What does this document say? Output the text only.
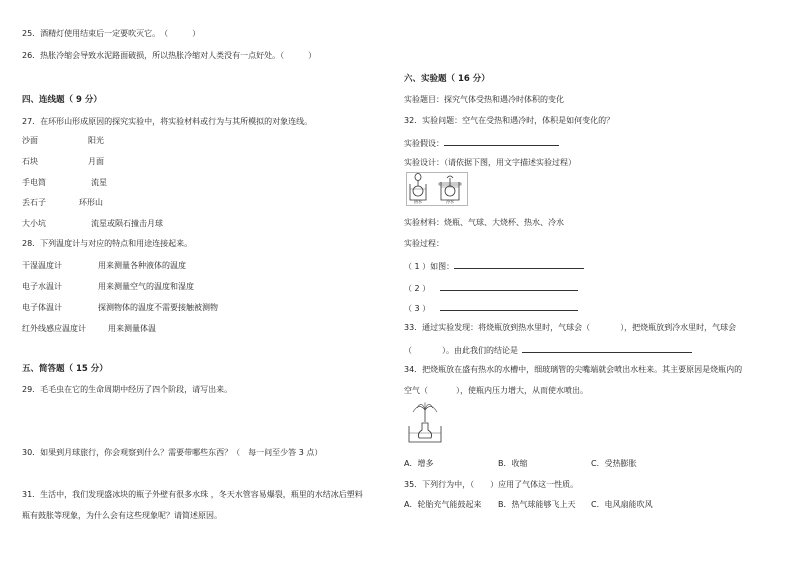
25．酒精灯使用结束后一定要吹灭它。　（　　　）
26．热胀冷缩会导致水泥路面破损，所以热胀冷缩对人类没有一点好处。（　　　）
四、连线题（ 9 分）
27．在环形山形成原因的探究实验中，将实验材料或行为与其所模拟的对象连线。
沙面	阳光
石块	月面
手电筒	流星
丢石子	环形山
大小坑	流星或陨石撞击月球
28．下列温度计与对应的特点和用途连接起来。
干湿温度计	用来测量各种液体的温度
电子水温计	用来测量空气的温度和湿度
电子体温计	探测物体的温度不需要接触被测物
红外线感应温度计	用来测量体温
五、简答题（ 15 分）
29．毛毛虫在它的生命周期中经历了四个阶段，请写出来。
30．如果到月球旅行，你会观察到什么？需要带哪些东西？（　每一问至少答 3 点）
31．生活中，我们发现盛冰块的瓶子外壁有很多水珠 ，冬天水管容易爆裂，瓶里的水结冰后塑料
瓶有鼓胀等现象，为什么会有这些现象呢？请简述原因。
六、实验题（ 16 分）
实验题目：探究气体受热和遇冷时体积的变化
32．实验问题：空气在受热和遇冷时，体积是如何变化的？
实验假设：
实验设计：（请依据下图，用文字描述实验过程）
热水	冷水
实验材料：烧瓶、气球、大烧杯、热水、冷水
实验过程：
（ 1 ）如图：
（ 2 ）
（ 3 ）
33．通过实验发现：将烧瓶放到热水里时，气球会（	），把烧瓶放到冷水里时，气球会
（	）。由此我们的结论是
34．把烧瓶放在盛有热水的水槽中，细玻璃管的尖嘴端就会喷出水柱来。其主要原因是烧瓶内的
空气（	），使瓶内压力增大，从而使水喷出。
A．增多	B．收缩	C．受热膨胀
35．下列行为中，（　　）应用了气体这一性质。
A．轮胎充气能鼓起来 B．热气球能够飞上天 C．电风扇能吹风
